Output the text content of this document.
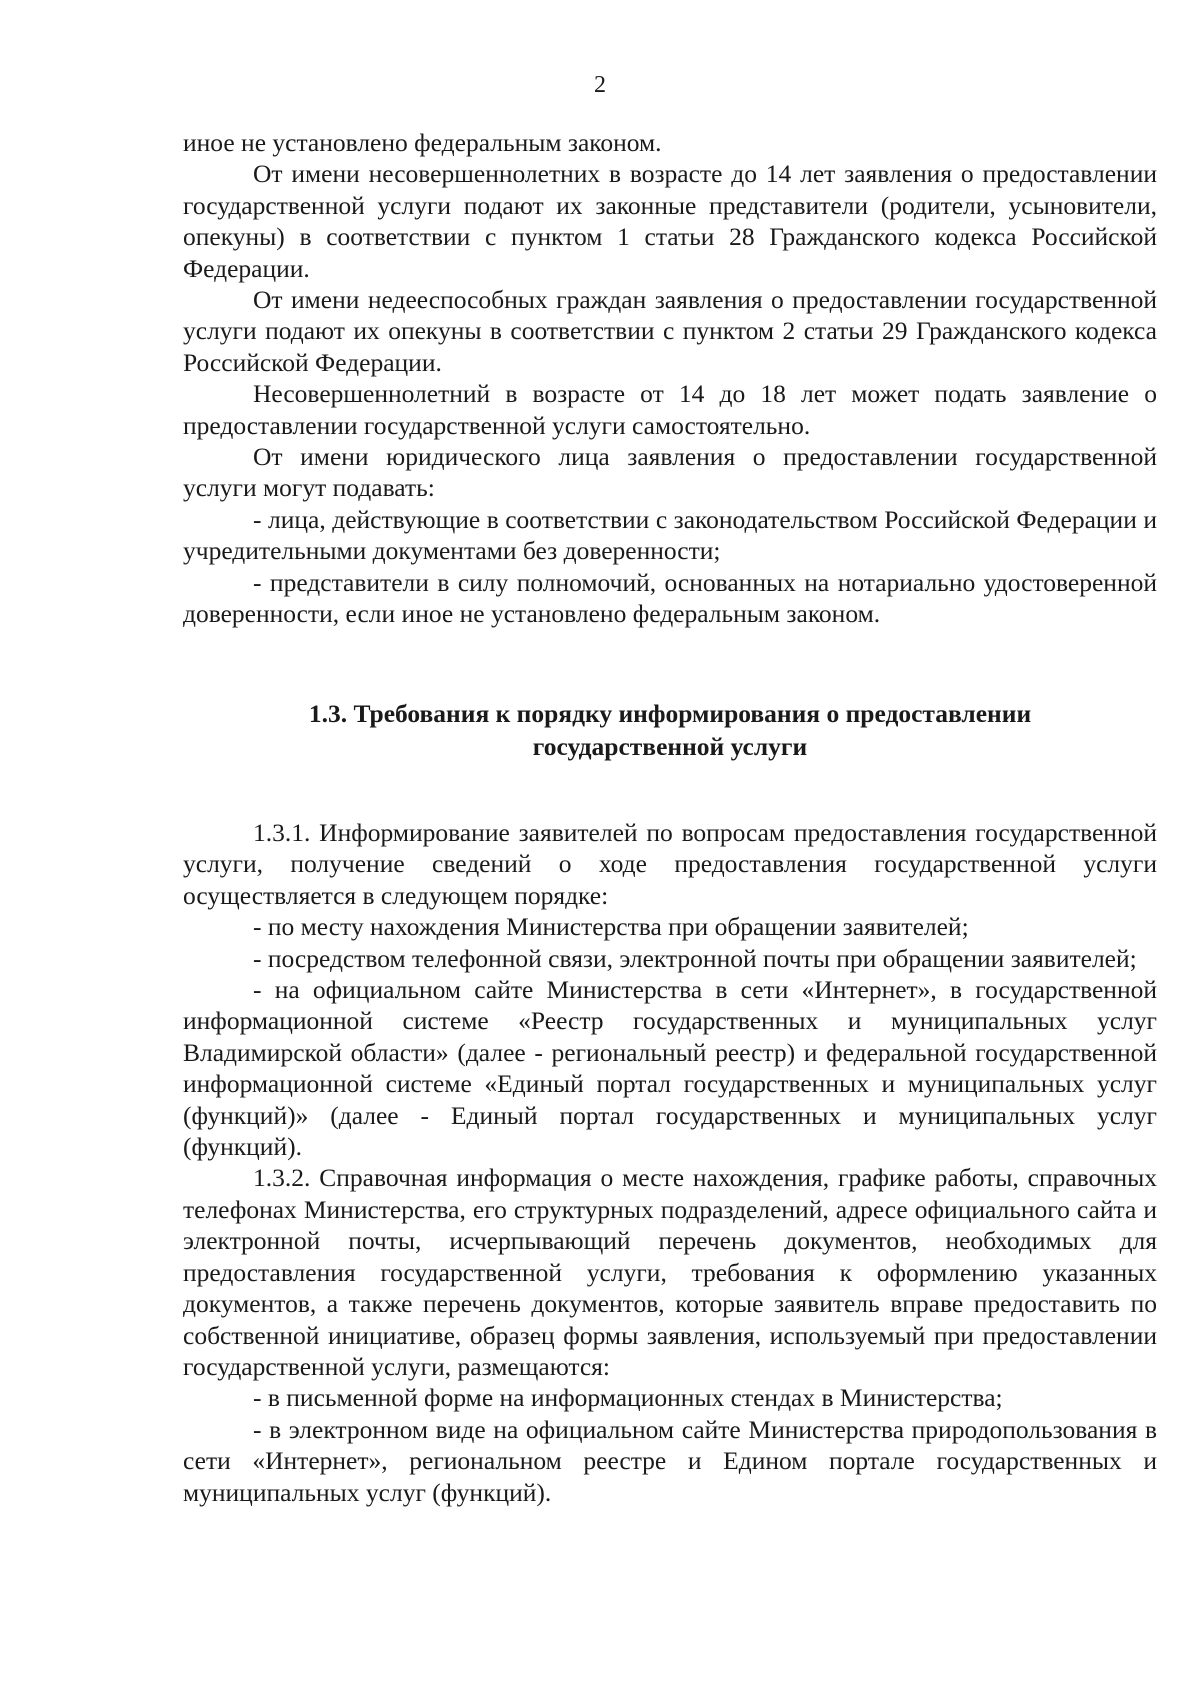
2

иное не установлено федеральным законом.

От имени несовершеннолетних в возрасте до 14 лет заявления о предоставлении государственной услуги подают их законные представители (родители, усыновители, опекуны) в соответствии с пунктом 1 статьи 28 Гражданского кодекса Российской Федерации.

От имени недееспособных граждан заявления о предоставлении государственной услуги подают их опекуны в соответствии с пунктом 2 статьи 29 Гражданского кодекса Российской Федерации.

Несовершеннолетний в возрасте от 14 до 18 лет может подать заявление о предоставлении государственной услуги самостоятельно.

От имени юридического лица заявления о предоставлении государственной услуги могут подавать:

- лица, действующие в соответствии с законодательством Российской Федерации и учредительными документами без доверенности;

- представители в силу полномочий, основанных на нотариально удостоверенной доверенности, если иное не установлено федеральным законом.

1.3. Требования к порядку информирования о предоставлении
государственной услуги

1.3.1. Информирование заявителей по вопросам предоставления государственной услуги, получение сведений о ходе предоставления государственной услуги осуществляется в следующем порядке:

- по месту нахождения Министерства при обращении заявителей;

- посредством телефонной связи, электронной почты при обращении заявителей;

- на официальном сайте Министерства в сети «Интернет», в государственной информационной системе «Реестр государственных и муниципальных услуг Владимирской области» (далее - региональный реестр) и федеральной государственной информационной системе «Единый портал государственных и муниципальных услуг (функций)» (далее - Единый портал государственных и муниципальных услуг (функций).

1.3.2. Справочная информация о месте нахождения, графике работы, справочных телефонах Министерства, его структурных подразделений, адресе официального сайта и электронной почты, исчерпывающий перечень документов, необходимых для предоставления государственной услуги, требования к оформлению указанных документов, а также перечень документов, которые заявитель вправе предоставить по собственной инициативе, образец формы заявления, используемый при предоставлении государственной услуги, размещаются:

- в письменной форме на информационных стендах в Министерства;

- в электронном виде на официальном сайте Министерства природопользования в сети «Интернет», региональном реестре и Едином портале государственных и муниципальных услуг (функций).
